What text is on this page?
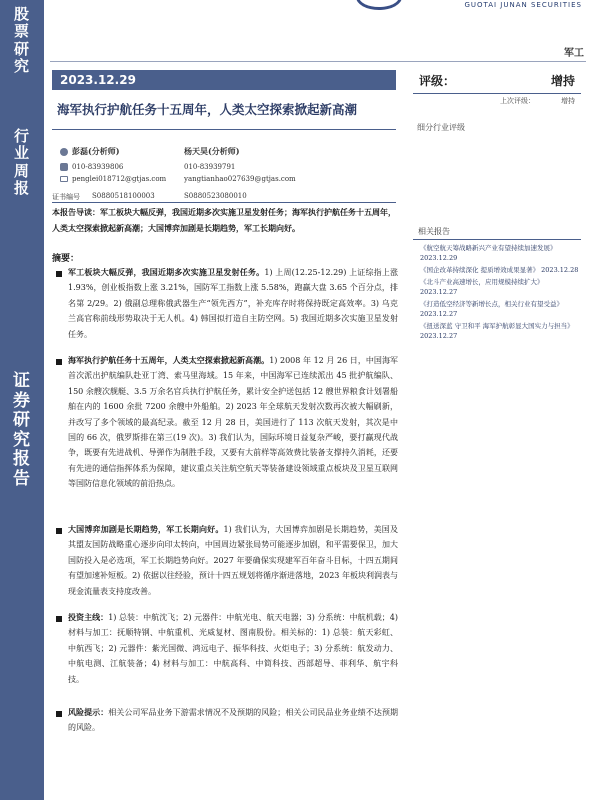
股
票
研
究
行
业
周
报
证
券
研
究
报
告
GUOTAI JUNAN SECURITIES
军工
2023.12.29
海军执行护航任务十五周年，人类太空探索掀起新高潮
评级：	增持
上次评级：	增持
细分行业评级
彭磊(分析师)
010-83939806
penglei018712@gtjas.com
杨天昊(分析师)
010-83939791
yangtianhao027639@gtjas.com
证书编号 S0880518100003	S0880523080010
本报告导读：军工板块大幅反弹，我国近期多次实施卫星发射任务；海军执行护航任务十五周年，人类太空探索掀起新高潮；大国博弈加剧是长期趋势，军工长期向好。
摘要：
军工板块大幅反弹，我国近期多次实施卫星发射任务。1) 上周(12.25-12.29) 上证综指上涨 1.93%，创业板指数上涨 3.21%，国防军工指数上涨 5.58%，跑赢大盘 3.65 个百分点，排名第 2/29。2) 俄副总理称俄武器生产“领先西方”，补充库存时将保持既定高效率。3) 乌克兰高官称前线形势取决于无人机。4) 韩国拟打造自主防空网。5) 我国近期多次实施卫星发射任务。
海军执行护航任务十五周年，人类太空探索掀起新高潮。1) 2008 年 12 月 26 日，中国海军首次派出护航编队赴亚丁湾、索马里海域。15 年来，中国海军已连续派出 45 批护航编队、150 余艘次舰艇、3.5 万余名官兵执行护航任务，累计安全护送包括 12 艘世界粮食计划署船舶在内的 1600 余批 7200 余艘中外船舶。2) 2023 年全球航天发射次数再次被大幅刷新，并改写了多个领域的最高纪录。截至 12 月 28 日，美国进行了 113 次航天发射，其次是中国的 66 次，俄罗斯排在第三(19 次)。3) 我们认为，国际环境日益复杂严峻，要打赢现代战争，既要有先进战机、导弹作为制胜手段，又要有大前样等高效费比装备支撑持久消耗，还要有先进的通信指挥体系为保障，建议重点关注航空航天等装备建设领域重点板块及卫星互联网等国防信息化领域的前沿热点。
大国博弈加剧是长期趋势，军工长期向好。1) 我们认为，大国博弈加剧是长期趋势，美国及其盟友国防战略重心逐步向印太转向，中国周边紧张局势可能逐步加剧，和平需要保卫，加大国防投入是必选项，军工长期趋势向好。2027 年要确保实现建军百年奋斗目标，十四五期间有望加速补短板。2) 依据以往经验，预计十四五规划将循序渐进落地，2023 年板块利润表与现金流量表支持度改善。
投资主线：1) 总装：中航沈飞；2) 元器件：中航光电、航天电器；3) 分系统：中航机载；4) 材料与加工：抚顺特钢、中航重机、光威复材、图南股份。相关标的：1) 总装：航天彩虹、中航西飞；2) 元器件：紫光国微、鸿远电子、振华科技、火炬电子；3) 分系统：航发动力、中航电测、江航装备；4) 材料与加工：中航高科、中简科技、西部超导、菲利华、航宇科技。
风险提示：相关公司军品业务下游需求情况不及预期的风险；相关公司民品业务业绩不达预期的风险。
相关报告
《航空航天筹战略新兴产业有望持续加速发展》 2023.12.29
《国企改革持续深化 提质增效成果显著》 2023.12.28
《北斗产业高速增长，应用规模持续扩大》 2023.12.27
《打造低空经济等新增长点，相关行业有望受益》 2023.12.27
《扭送深蓝 守卫和平 海军护航彰显大国实力与担当》 2023.12.27
